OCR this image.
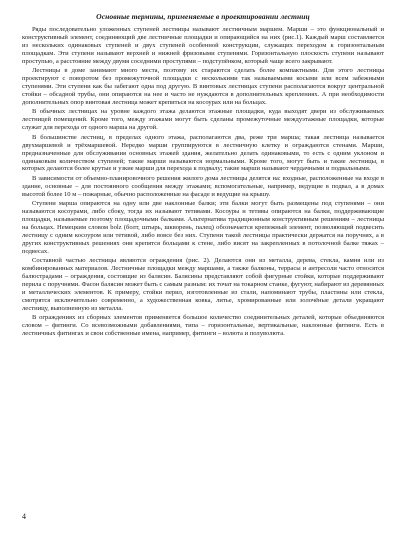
Основные термины, применяемые в проектировании лестниц

Ряды последовательно уложенных ступеней лестницы называют лестничным маршем. Марши – это функциональный и конструктивный элемент, соединяющий две лестничные площадки и опирающийся на них (рис.1). Каждый марш составляется из нескольких одинаковых ступеней и двух ступеней особенной конструкции, служащих переходом к горизонтальным площадкам. Эти ступени называют верхней и нижней фризовыми ступенями. Горизонтальную плоскость ступени называют проступью, а расстояние между двумя соседними проступями – подступёнком, который чаще всего закрывают.

Лестницы в доме занимают много места, поэтому их стараются сделать более компактными. Для этого лестницы проектируют с поворотом без промежуточной площадки с несколькими так называемыми косыми или всем забежными ступенями. Эти ступени как бы забегают одна под другую. В винтовых лестницах ступени располагаются вокруг центральной стойки – обсадной трубы, они опираются на нее и часто не нуждаются в дополнительных креплениях. А при необходимости дополнительных опор винтовая лестница может крепиться на косоурах или на больцах.

В обычных лестницах на уровне каждого этажа делаются этажные площадки, куда выходят двери из обслуживаемых лестницей помещений. Кроме того, между этажами могут быть сделаны промежуточные междуэтажные площадки, которые служат для перехода от одного марша на другой.

В большинстве лестниц, в пределах одного этажа, располагаются два, реже три марша; такая лестница называется двухмаршевой и трёхмаршевой. Нередко марши группируются в лестничную клетку и ограждаются стенами. Марши, предназначенные для обслуживания основных этажей здания, желательно делать одинаковыми, то есть с одним уклоном и одинаковым количеством ступеней; такие марши называются нормальными. Кроме того, могут быть и такие лестницы, в которых делаются более крутые и узкие марши для перехода к подвалу; такие марши называют чердачными и подвальными.

В зависимости от объемно-планировочного решения жилого дома лестницы делятся на: входные, расположенные на входе в здание, основные – для постоянного сообщения между этажами; вспомогательные, например, ведущие в подвал, а в домах высотой более 10 м – пожарные, обычно расположенные на фасаде и ведущие на крышу.

Ступени марша опираются на одну или две наклонные балки; эти балки могут быть размещены под ступенями – они называются косоурами, либо сбоку, тогда их называют тетивами. Косоуры и тетивы опираются на балки, поддерживающие площадки, называемые поэтому площадочными балками. Альтернатива традиционным конструктивным решениям – лестницы на больцах. Немецким словом bolz (болт, штырь, шкворень, палец) обозначается крепежный элемент, позволяющий подвесить лестницу с одним косоуром или тетивой, либо вовсе без них. Ступени такой лестницы практически держатся на поручнях, а в других конструктивных решениях они крепятся больцами к стене, либо висят на закрепленных в потолочной балке тяжах – подвесах.

Составной частью лестницы являются ограждения (рис. 2). Делаются они из металла, дерева, стекла, камня или из комбинированных материалов. Лестничные площадки между маршами, а также балконы, террасы и антресоли часто относятся балюстрадами – ограждения, состоящие из балясин. Балясины представляют собой фигурные стойки, которые поддерживают перила с поручнями. Фасон балясин может быть с самым разным: их точат на токарном станке, фугуют, набирают из деревянных и металлических элементов. К примеру, стойки перил, изготовленные из стали, напоминают трубы, пластины или стекла, смотрятся исключительно современно, а художественная ковка, литье, хромированные или золочёные детали укращают лестницу, выполненную из металла.

В ограждениях из сборных элементов применяется большое количество соединительных деталей, которые объединяются словом – фитинги. Со всевозможными добавлениями, типа – горизонтальные, вертикальные, наклонные фитинги. Есть в лестничных фитингах и свои собственные имена, например, фитинги – волюта и полуволюта.

4
